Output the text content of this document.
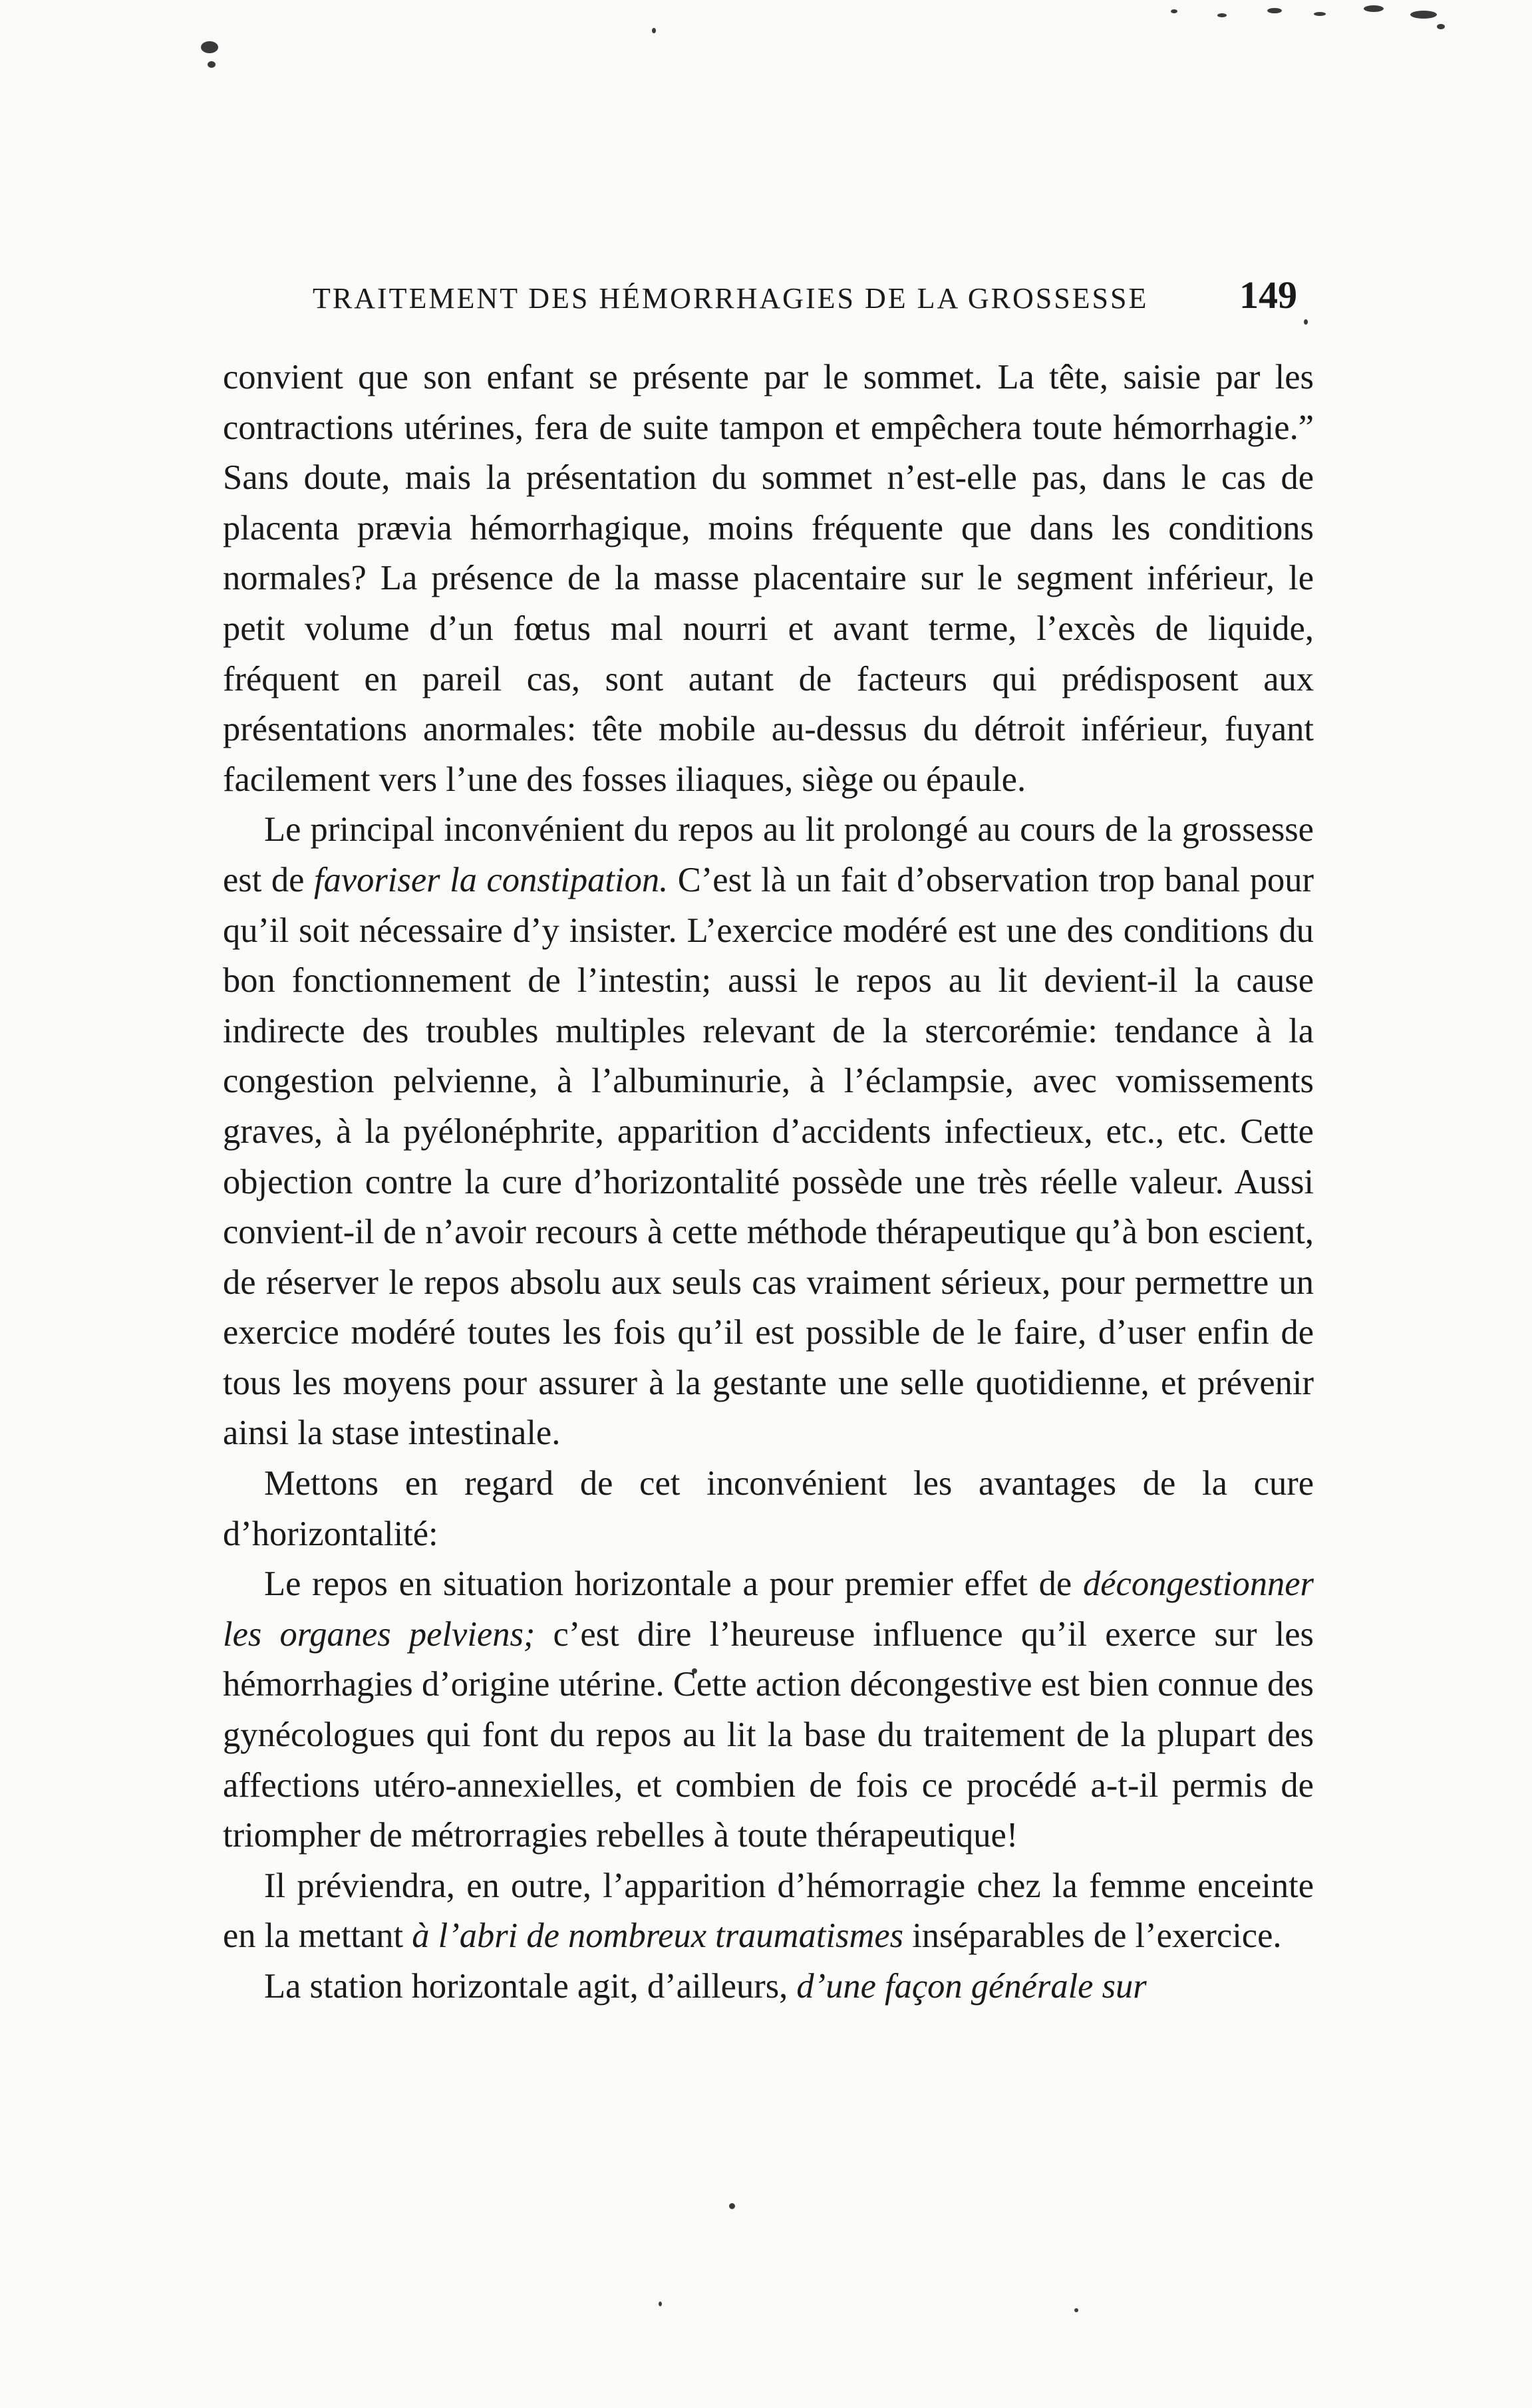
TRAITEMENT DES HÉMORRHAGIES DE LA GROSSESSE 149

convient que son enfant se présente par le sommet. La tête, saisie par les contractions utérines, fera de suite tampon et empêchera toute hémorrhagie.” Sans doute, mais la présentation du sommet n’est-elle pas, dans le cas de placenta prævia hémorrhagique, moins fréquente que dans les conditions normales? La présence de la masse placentaire sur le segment inférieur, le petit volume d’un fœtus mal nourri et avant terme, l’excès de liquide, fréquent en pareil cas, sont autant de facteurs qui prédisposent aux présentations anormales: tête mobile au-dessus du détroit inférieur, fuyant facilement vers l’une des fosses iliaques, siège ou épaule.

Le principal inconvénient du repos au lit prolongé au cours de la grossesse est de favoriser la constipation. C’est là un fait d’observation trop banal pour qu’il soit nécessaire d’y insister. L’exercice modéré est une des conditions du bon fonctionnement de l’intestin; aussi le repos au lit devient-il la cause indirecte des troubles multiples relevant de la stercorémie: tendance à la congestion pelvienne, à l’albuminurie, à l’éclampsie, avec vomissements graves, à la pyélonéphrite, apparition d’accidents infectieux, etc., etc. Cette objection contre la cure d’horizontalité possède une très réelle valeur. Aussi convient-il de n’avoir recours à cette méthode thérapeutique qu’à bon escient, de réserver le repos absolu aux seuls cas vraiment sérieux, pour permettre un exercice modéré toutes les fois qu’il est possible de le faire, d’user enfin de tous les moyens pour assurer à la gestante une selle quotidienne, et prévenir ainsi la stase intestinale.

Mettons en regard de cet inconvénient les avantages de la cure d’horizontalité:

Le repos en situation horizontale a pour premier effet de décongestionner les organes pelviens; c’est dire l’heureuse influence qu’il exerce sur les hémorrhagies d’origine utérine. Cette action décongestive est bien connue des gynécologues qui font du repos au lit la base du traitement de la plupart des affections utéro-annexielles, et combien de fois ce procédé a-t-il permis de triompher de métrorragies rebelles à toute thérapeutique!

Il préviendra, en outre, l’apparition d’hémorragie chez la femme enceinte en la mettant à l’abri de nombreux traumatismes inséparables de l’exercice.

La station horizontale agit, d’ailleurs, d’une façon générale sur
